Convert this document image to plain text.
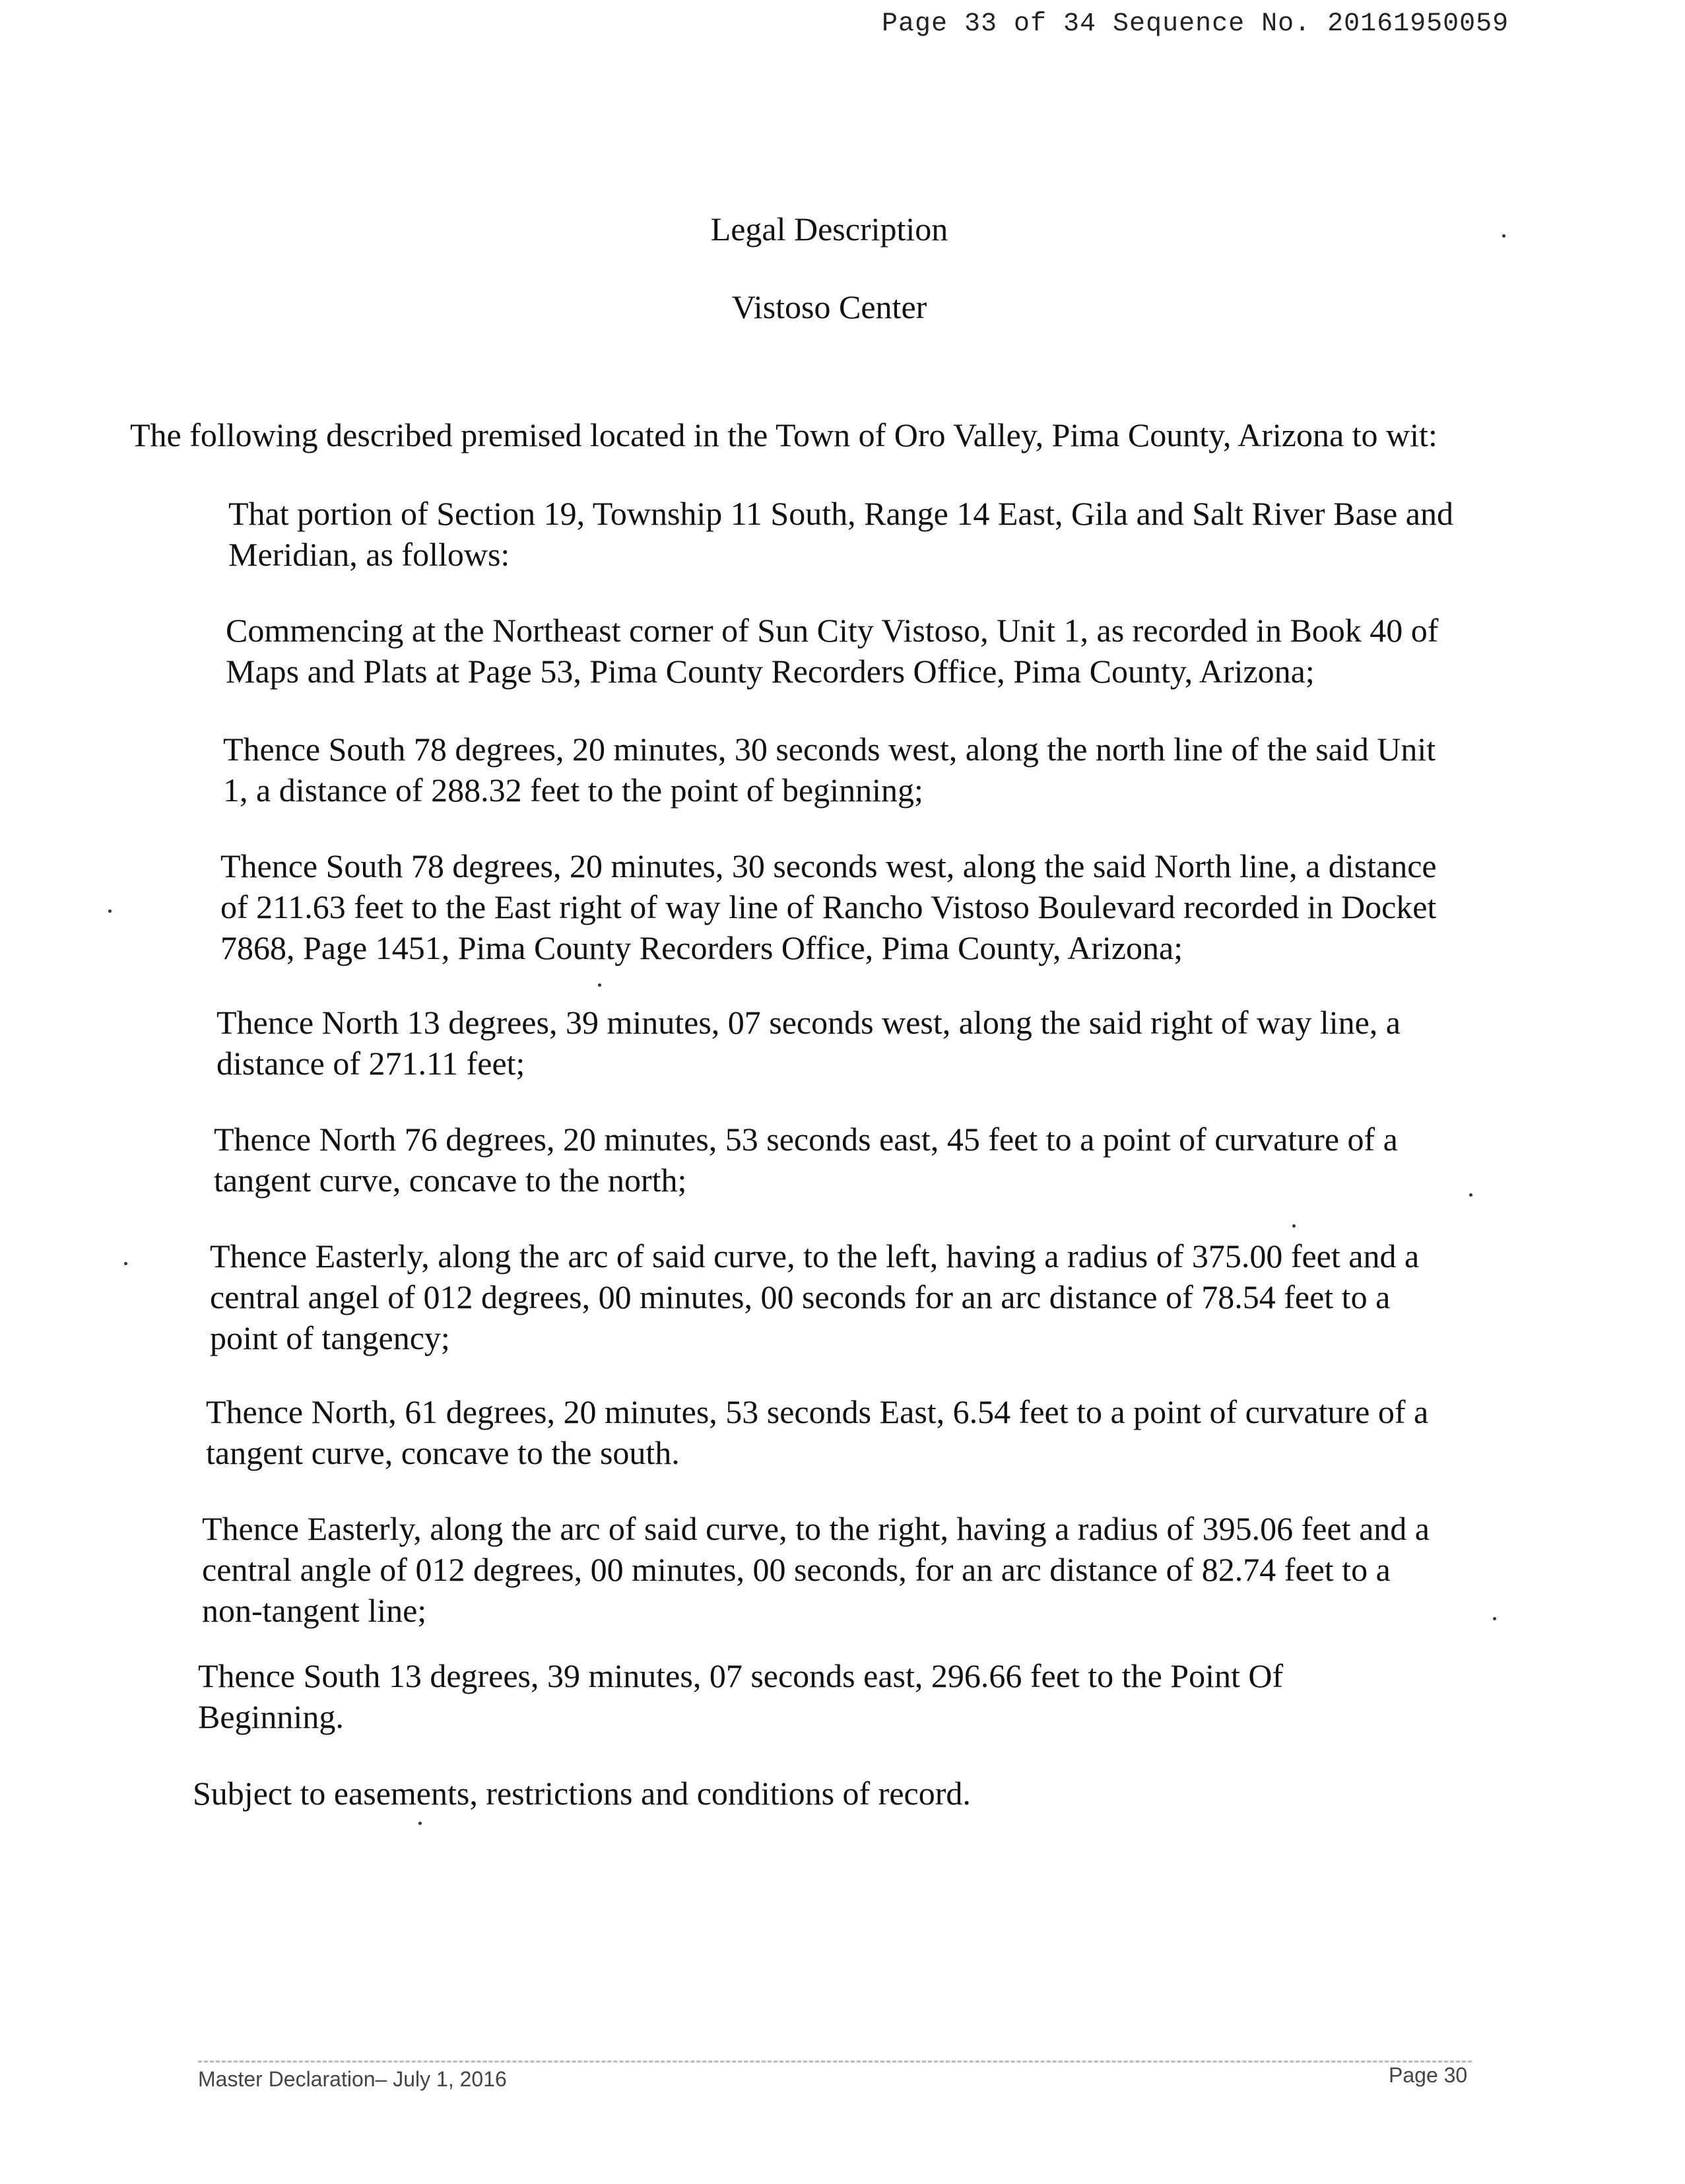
Page 33 of 34 Sequence No. 20161950059
Legal Description
Vistoso Center
The following described premised located in the Town of Oro Valley, Pima County, Arizona to wit:
That portion of Section 19, Township 11 South, Range 14 East, Gila and Salt River Base and Meridian, as follows:
Commencing at the Northeast corner of Sun City Vistoso, Unit 1, as recorded in Book 40 of Maps and Plats at Page 53, Pima County Recorders Office, Pima County, Arizona;
Thence South 78 degrees, 20 minutes, 30 seconds west, along the north line of the said Unit 1, a distance of 288.32 feet to the point of beginning;
Thence South 78 degrees, 20 minutes, 30 seconds west, along the said North line, a distance of 211.63 feet to the East right of way line of Rancho Vistoso Boulevard recorded in Docket 7868, Page 1451, Pima County Recorders Office, Pima County, Arizona;
Thence North 13 degrees, 39 minutes, 07 seconds west, along the said right of way line, a distance of 271.11 feet;
Thence North 76 degrees, 20 minutes, 53 seconds east, 45 feet to a point of curvature of a tangent curve, concave to the north;
Thence Easterly, along the arc of said curve, to the left, having a radius of 375.00 feet and a central angel of 012 degrees, 00 minutes, 00 seconds for an arc distance of 78.54 feet to a point of tangency;
Thence North, 61 degrees, 20 minutes, 53 seconds East, 6.54 feet to a point of curvature of a tangent curve, concave to the south.
Thence Easterly, along the arc of said curve, to the right, having a radius of 395.06 feet and a central angle of 012 degrees, 00 minutes, 00 seconds, for an arc distance of 82.74 feet to a non-tangent line;
Thence South 13 degrees, 39 minutes, 07 seconds east, 296.66 feet to the Point Of Beginning.
Subject to easements, restrictions and conditions of record.
Master Declaration– July 1, 2016	Page 30
